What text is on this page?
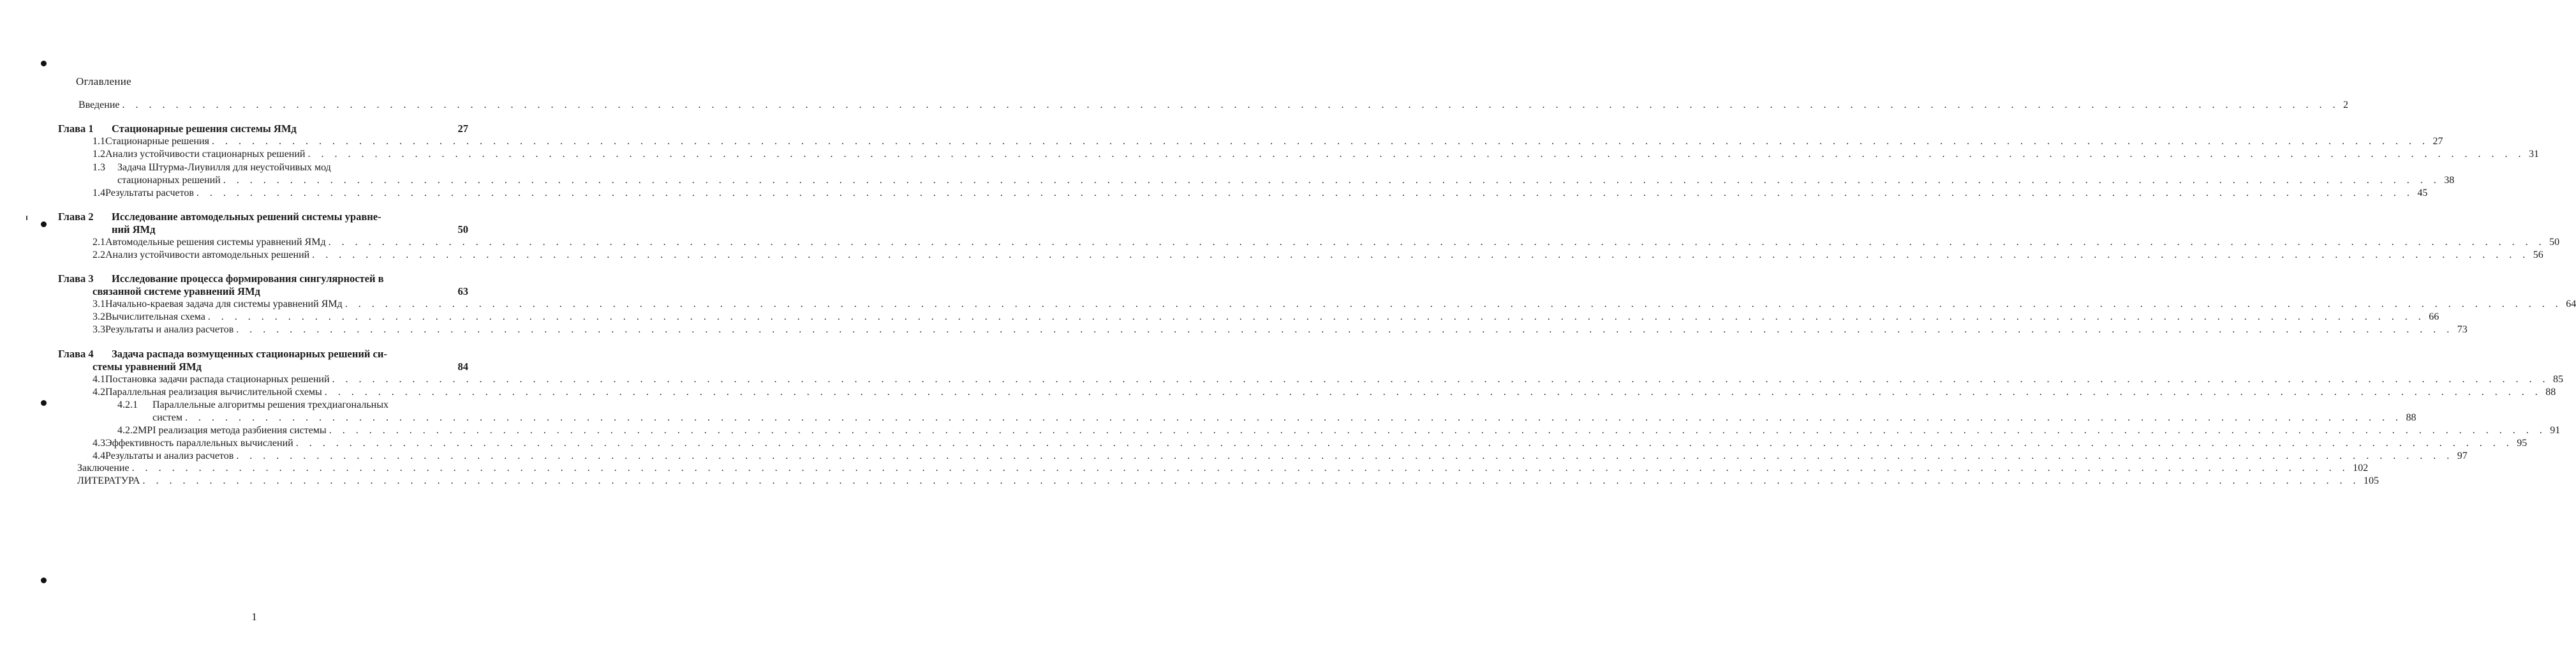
Оглавление
Введение . . .	2
Глава 1	Стационарные решения системы ЯМд	27
1.1 Стационарные решения . . .	27
1.2 Анализ устойчивости стационарных решений . . .	31
1.3	Задача Штурма-Лиувилля для неустойчивых мод
стационарных решений . . .	38
1.4 Результаты расчетов . . .	45
Глава 2 Исследование автомодельных решений системы уравне-
ний ЯМд	50
2.1 Автомодельные решения системы уравнений ЯМд . . .	50
2.2 Анализ устойчивости автомодельных решений . . .	56
Глава 3 Исследование процесса формирования сингулярностей в
связанной системе уравнений ЯМд	63
3.1 Начально-краевая задача для системы уравнений ЯМд . . .	64
3.2 Вычислительная схема . . .	66
3.3 Результаты и анализ расчетов . . .	73
Глава 4 Задача распада возмущенных стационарных решений си-
стемы уравнений ЯМд	84
4.1 Постановка задачи распада стационарных решений . . .	85
4.2 Параллельная реализация вычислительной схемы . . .	88
4.2.1	Параллельные алгоритмы решения трехдиагональных
систем . . .	88
4.2.2 MPI реализация метода разбиения системы . . .	91
4.3 Эффективность параллельных вычислений . . .	95
4.4 Результаты и анализ расчетов . . .	97
Заключение . . .	102
ЛИТЕРАТУРА . . .	105
1
